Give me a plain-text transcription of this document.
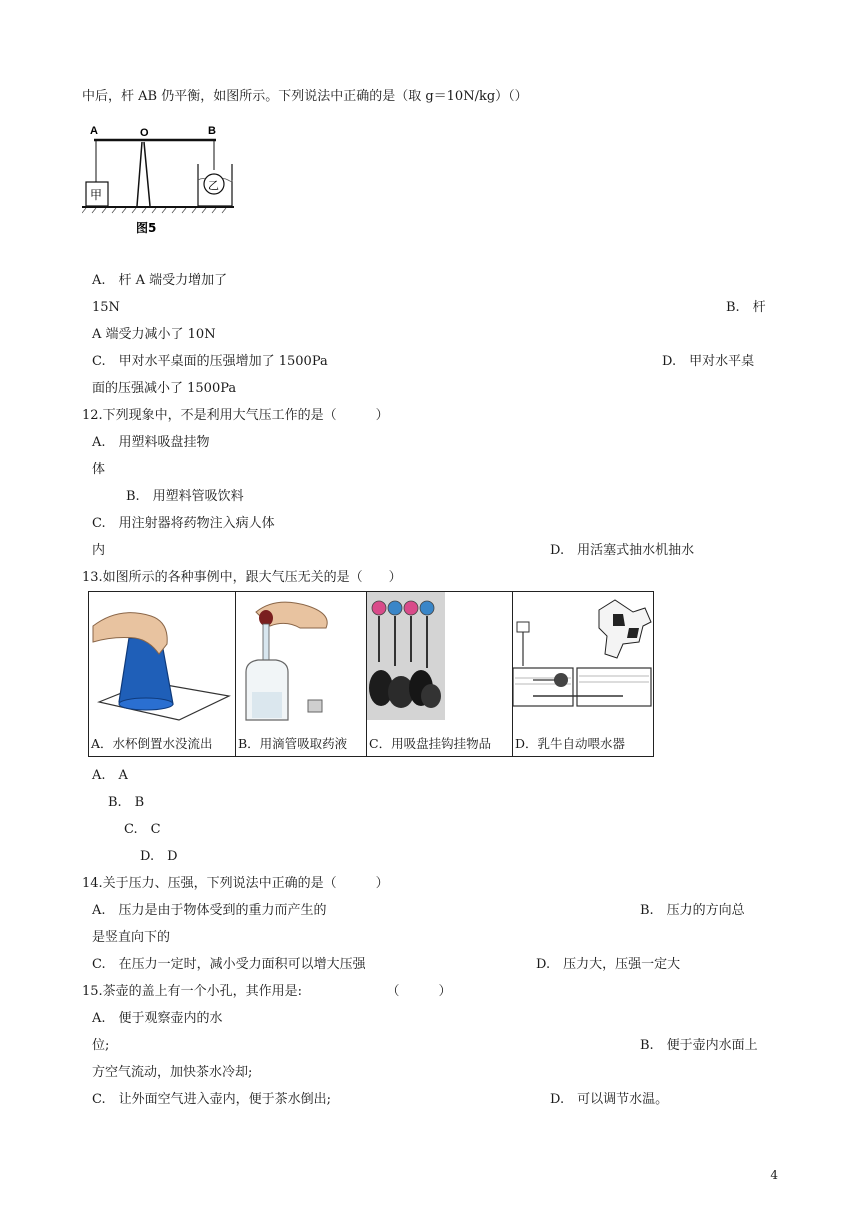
中后，杆 AB 仍平衡，如图所示。下列说法中正确的是（取 g＝10N/kg）（）
A	O	B
甲
乙
图5
A.　杆 A 端受力增加了
15N	B.　杆
A 端受力减小了 10N
C.　甲对水平桌面的压强增加了 1500Pa	D.　甲对水平桌
面的压强减小了 1500Pa
12.下列现象中，不是利用大气压工作的是（　　　）
A.　用塑料吸盘挂物
体
B.　用塑料管吸饮料
C.　用注射器将药物注入病人体
内	D.　用活塞式抽水机抽水
13.如图所示的各种事例中，跟大气压无关的是（　　）
A．水杯倒置水没流出	B．用滴管吸取药液	C．用吸盘挂钩挂物品	D．乳牛自动喂水器
A.　A
B.　B
C.　C
D.　D
14.关于压力、压强，下列说法中正确的是（　　　）
A.　压力是由于物体受到的重力而产生的	B.　压力的方向总
是竖直向下的
C.　在压力一定时，减小受力面积可以增大压强	D.　压力大，压强一定大
15.茶壶的盖上有一个小孔，其作用是:　　　　　　　（　　　）
A.　便于观察壶内的水
位;	B.　便于壶内水面上
方空气流动，加快茶水冷却;
C.　让外面空气进入壶内，便于茶水倒出;	D.　可以调节水温。
4
